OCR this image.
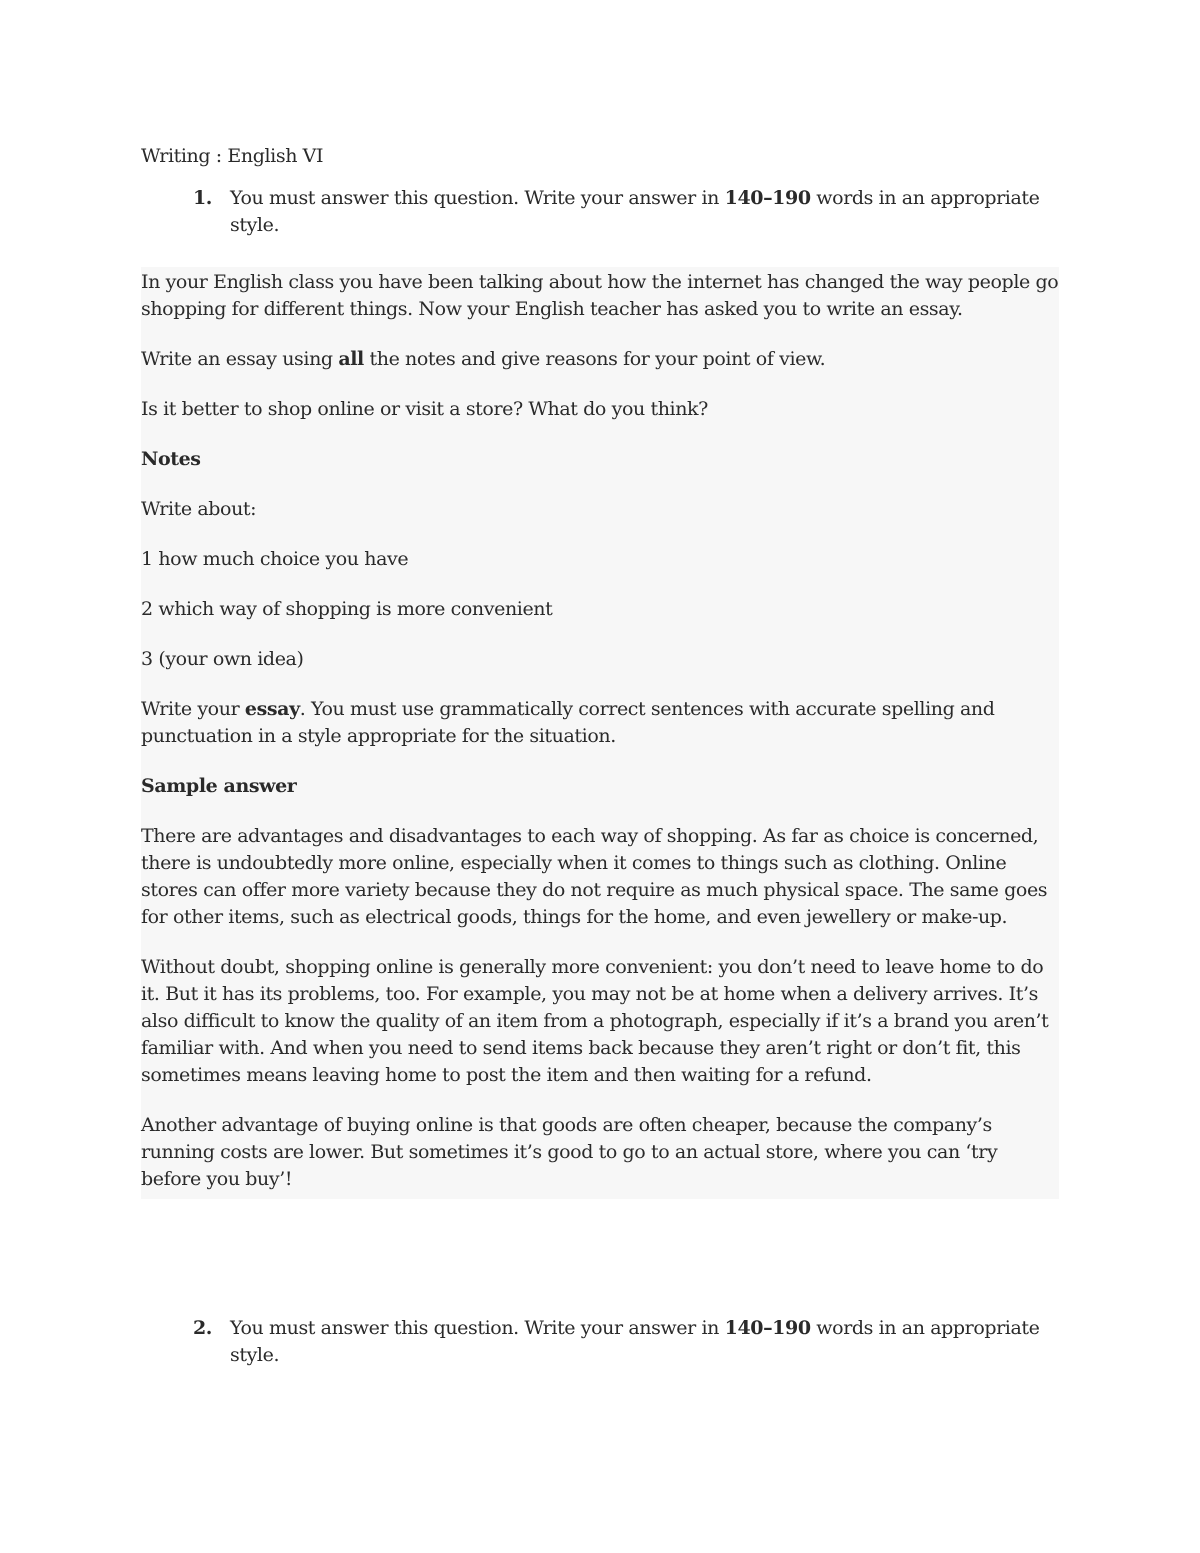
Writing : English VI

1. You must answer this question. Write your answer in 140–190 words in an appropriate style.

In your English class you have been talking about how the internet has changed the way people go shopping for different things. Now your English teacher has asked you to write an essay.

Write an essay using all the notes and give reasons for your point of view.

Is it better to shop online or visit a store? What do you think?

Notes

Write about:

1 how much choice you have

2 which way of shopping is more convenient

3 (your own idea)

Write your essay. You must use grammatically correct sentences with accurate spelling and punctuation in a style appropriate for the situation.

Sample answer

There are advantages and disadvantages to each way of shopping. As far as choice is concerned, there is undoubtedly more online, especially when it comes to things such as clothing. Online stores can offer more variety because they do not require as much physical space. The same goes for other items, such as electrical goods, things for the home, and even jewellery or make-up.

Without doubt, shopping online is generally more convenient: you don’t need to leave home to do it. But it has its problems, too. For example, you may not be at home when a delivery arrives. It’s also difficult to know the quality of an item from a photograph, especially if it’s a brand you aren’t familiar with. And when you need to send items back because they aren’t right or don’t fit, this sometimes means leaving home to post the item and then waiting for a refund.

Another advantage of buying online is that goods are often cheaper, because the company’s running costs are lower. But sometimes it’s good to go to an actual store, where you can ‘try before you buy’!

2. You must answer this question. Write your answer in 140–190 words in an appropriate style.
